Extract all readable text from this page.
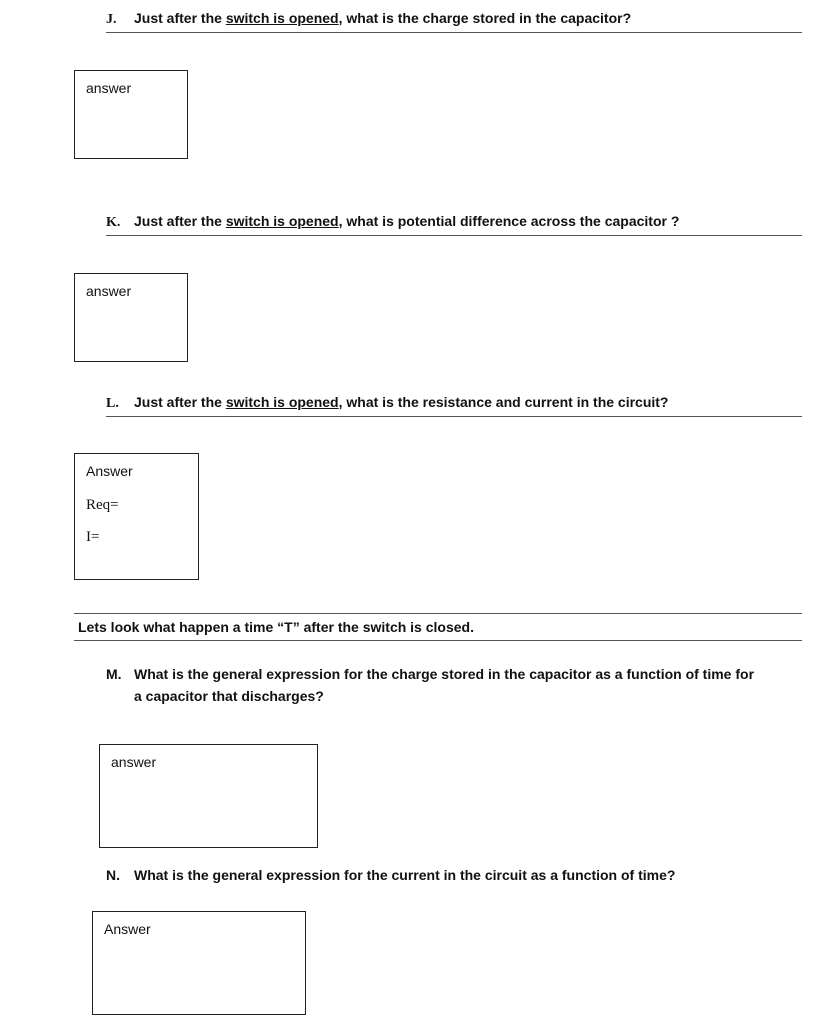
J. Just after the switch is opened, what is the charge stored in the capacitor?
answer
K. Just after the switch is opened, what is potential difference across the capacitor ?
answer
L. Just after the switch is opened, what is the resistance and current in the circuit?
Answer
Req=
I=
Lets look what happen a time “T” after the switch is closed.
M. What is the general expression for the charge stored in the capacitor as a function of time for
a capacitor that discharges?
answer
N. What is the general expression for the current in the circuit as a function of time?
Answer
